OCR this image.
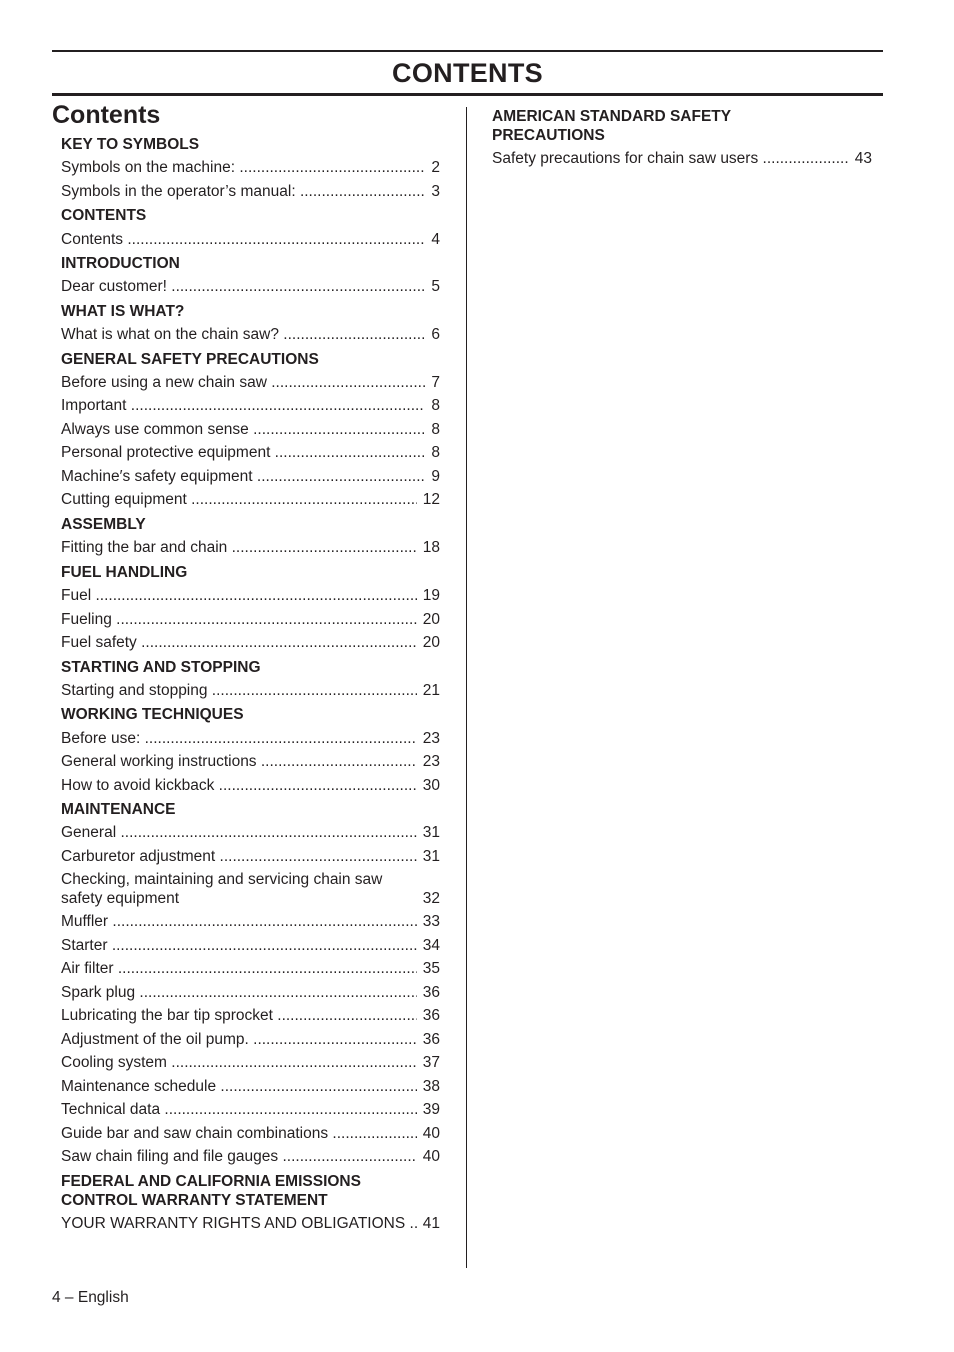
CONTENTS
Contents
KEY TO SYMBOLS
Symbols on the machine: .....	2
Symbols in the operator’s manual: .....	3
CONTENTS
Contents .....	4
INTRODUCTION
Dear customer! .....	5
WHAT IS WHAT?
What is what on the chain saw? .....	6
GENERAL SAFETY PRECAUTIONS
Before using a new chain saw .....	7
Important .....	8
Always use common sense .....	8
Personal protective equipment .....	8
Machine′s safety equipment .....	9
Cutting equipment .....	12
ASSEMBLY
Fitting the bar and chain .....	18
FUEL HANDLING
Fuel .....	19
Fueling .....	20
Fuel safety .....	20
STARTING AND STOPPING
Starting and stopping .....	21
WORKING TECHNIQUES
Before use: .....	23
General working instructions .....	23
How to avoid kickback .....	30
MAINTENANCE
General .....	31
Carburetor adjustment .....	31
Checking, maintaining and servicing chain saw safety equipment .....	32
Muffler .....	33
Starter .....	34
Air filter .....	35
Spark plug .....	36
Lubricating the bar tip sprocket .....	36
Adjustment of the oil pump. .....	36
Cooling system .....	37
Maintenance schedule .....	38
Technical data .....	39
Guide bar and saw chain combinations .....	40
Saw chain filing and file gauges .....	40
FEDERAL AND CALIFORNIA EMISSIONS CONTROL WARRANTY STATEMENT
YOUR WARRANTY RIGHTS AND OBLIGATIONS .....	41
AMERICAN STANDARD SAFETY PRECAUTIONS
Safety precautions for chain saw users .....	43
4 – English
